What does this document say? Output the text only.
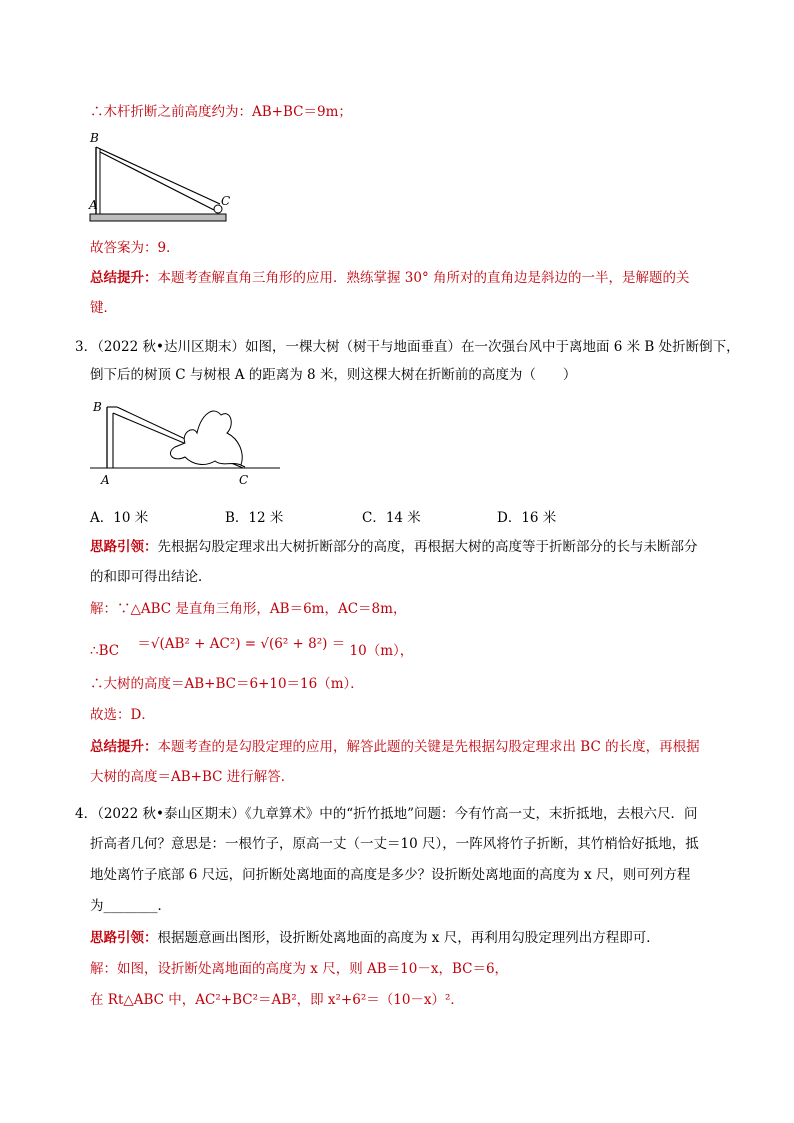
∴木杆折断之前高度约为：AB+BC＝9m；
B
A	C
故答案为：9．
总结提升：本题考查解直角三角形的应用．熟练掌握 30° 角所对的直角边是斜边的一半，是解题的关
键．
3．（2022 秋•达川区期末）如图，一棵大树（树干与地面垂直）在一次强台风中于离地面 6 米 B 处折断倒下，
倒下后的树顶 C 与树根 A 的距离为 8 米，则这棵大树在折断前的高度为（　　）
B
A	C
A．10 米	B．12 米	C．14 米	D．16 米
思路引领：先根据勾股定理求出大树折断部分的高度，再根据大树的高度等于折断部分的长与未断部分
的和即可得出结论．
解：∵△ABC 是直角三角形，AB＝6m，AC＝8m，
∴BC ＝√(AB² + AC²) = √(6² + 8²) ＝ 10（m），
∴大树的高度＝AB+BC＝6+10＝16（m）．
故选：D．
总结提升：本题考查的是勾股定理的应用，解答此题的关键是先根据勾股定理求出 BC 的长度，再根据
大树的高度＝AB+BC 进行解答．
4．（2022 秋•泰山区期末）《九章算术》中的“折竹抵地”问题：今有竹高一丈，末折抵地，去根六尺．问
折高者几何？意思是：一根竹子，原高一丈（一丈＝10 尺），一阵风将竹子折断，其竹梢恰好抵地，抵
地处离竹子底部 6 尺远，问折断处离地面的高度是多少？设折断处离地面的高度为 x 尺，则可列方程
为________．
思路引领：根据题意画出图形，设折断处离地面的高度为 x 尺，再利用勾股定理列出方程即可．
解：如图，设折断处离地面的高度为 x 尺，则 AB＝10－x，BC＝6，
在 Rt△ABC 中，AC²+BC²＝AB²，即 x²+6²＝（10－x）²．
